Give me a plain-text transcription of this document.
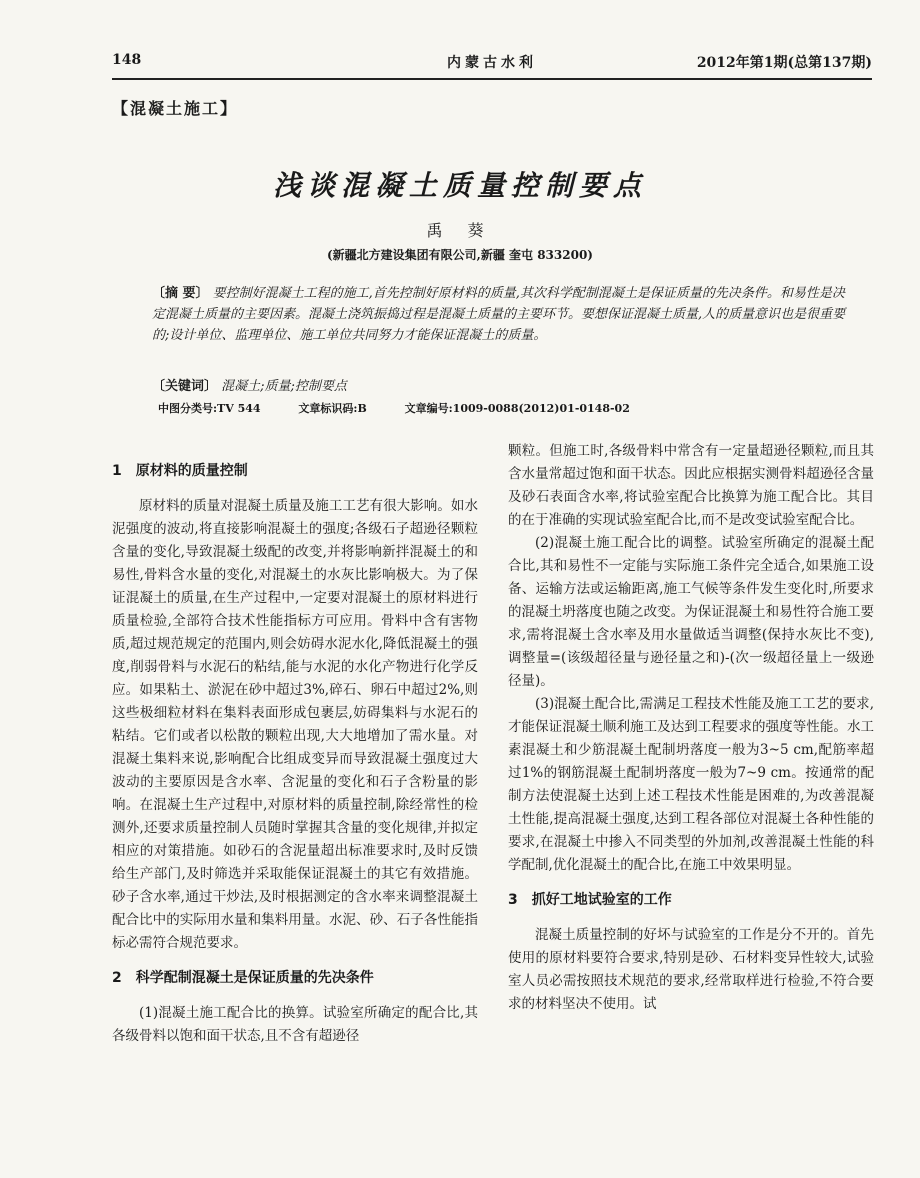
148	内蒙古水利	2012年第1期(总第137期)
【混凝土施工】
浅谈混凝土质量控制要点
禹 葵
(新疆北方建设集团有限公司,新疆 奎屯 833200)
〔摘 要〕 要控制好混凝土工程的施工,首先控制好原材料的质量,其次科学配制混凝土是保证质量的先决条件。和易性是决定混凝土质量的主要因素。混凝土浇筑振捣过程是混凝土质量的主要环节。要想保证混凝土质量,人的质量意识也是很重要的;设计单位、监理单位、施工单位共同努力才能保证混凝土的质量。
〔关键词〕 混凝土;质量;控制要点
中图分类号:TV 544	文章标识码:B	文章编号:1009-0088(2012)01-0148-02

1 原材料的质量控制

原材料的质量对混凝土质量及施工工艺有很大影响。如水泥强度的波动,将直接影响混凝土的强度;各级石子超逊径颗粒含量的变化,导致混凝土级配的改变,并将影响新拌混凝土的和易性,骨料含水量的变化,对混凝土的水灰比影响极大。为了保证混凝土的质量,在生产过程中,一定要对混凝土的原材料进行质量检验,全部符合技术性能指标方可应用。骨料中含有害物质,超过规范规定的范围内,则会妨碍水泥水化,降低混凝土的强度,削弱骨料与水泥石的粘结,能与水泥的水化产物进行化学反应。如果粘土、淤泥在砂中超过3%,碎石、卵石中超过2%,则这些极细粒材料在集料表面形成包裹层,妨碍集料与水泥石的粘结。它们或者以松散的颗粒出现,大大地增加了需水量。对混凝土集料来说,影响配合比组成变异而导致混凝土强度过大波动的主要原因是含水率、含泥量的变化和石子含粉量的影响。在混凝土生产过程中,对原材料的质量控制,除经常性的检测外,还要求质量控制人员随时掌握其含量的变化规律,并拟定相应的对策措施。如砂石的含泥量超出标准要求时,及时反馈给生产部门,及时筛选并采取能保证混凝土的其它有效措施。砂子含水率,通过干炒法,及时根据测定的含水率来调整混凝土配合比中的实际用水量和集料用量。水泥、砂、石子各性能指标必需符合规范要求。

2 科学配制混凝土是保证质量的先决条件

(1)混凝土施工配合比的换算。试验室所确定的配合比,其各级骨料以饱和面干状态,且不含有超逊径

颗粒。但施工时,各级骨料中常含有一定量超逊径颗粒,而且其含水量常超过饱和面干状态。因此应根据实测骨料超逊径含量及砂石表面含水率,将试验室配合比换算为施工配合比。其目的在于准确的实现试验室配合比,而不是改变试验室配合比。

(2)混凝土施工配合比的调整。试验室所确定的混凝土配合比,其和易性不一定能与实际施工条件完全适合,如果施工设备、运输方法或运输距离,施工气候等条件发生变化时,所要求的混凝土坍落度也随之改变。为保证混凝土和易性符合施工要求,需将混凝土含水率及用水量做适当调整(保持水灰比不变),调整量=(该级超径量与逊径量之和)-(次一级超径量上一级逊径量)。

(3)混凝土配合比,需满足工程技术性能及施工工艺的要求,才能保证混凝土顺利施工及达到工程要求的强度等性能。水工素混凝土和少筋混凝土配制坍落度一般为3~5 cm,配筋率超过1%的钢筋混凝土配制坍落度一般为7~9 cm。按通常的配制方法使混凝土达到上述工程技术性能是困难的,为改善混凝土性能,提高混凝土强度,达到工程各部位对混凝土各种性能的要求,在混凝土中掺入不同类型的外加剂,改善混凝土性能的科学配制,优化混凝土的配合比,在施工中效果明显。

3 抓好工地试验室的工作

混凝土质量控制的好坏与试验室的工作是分不开的。首先使用的原材料要符合要求,特别是砂、石材料变异性较大,试验室人员必需按照技术规范的要求,经常取样进行检验,不符合要求的材料坚决不使用。试
